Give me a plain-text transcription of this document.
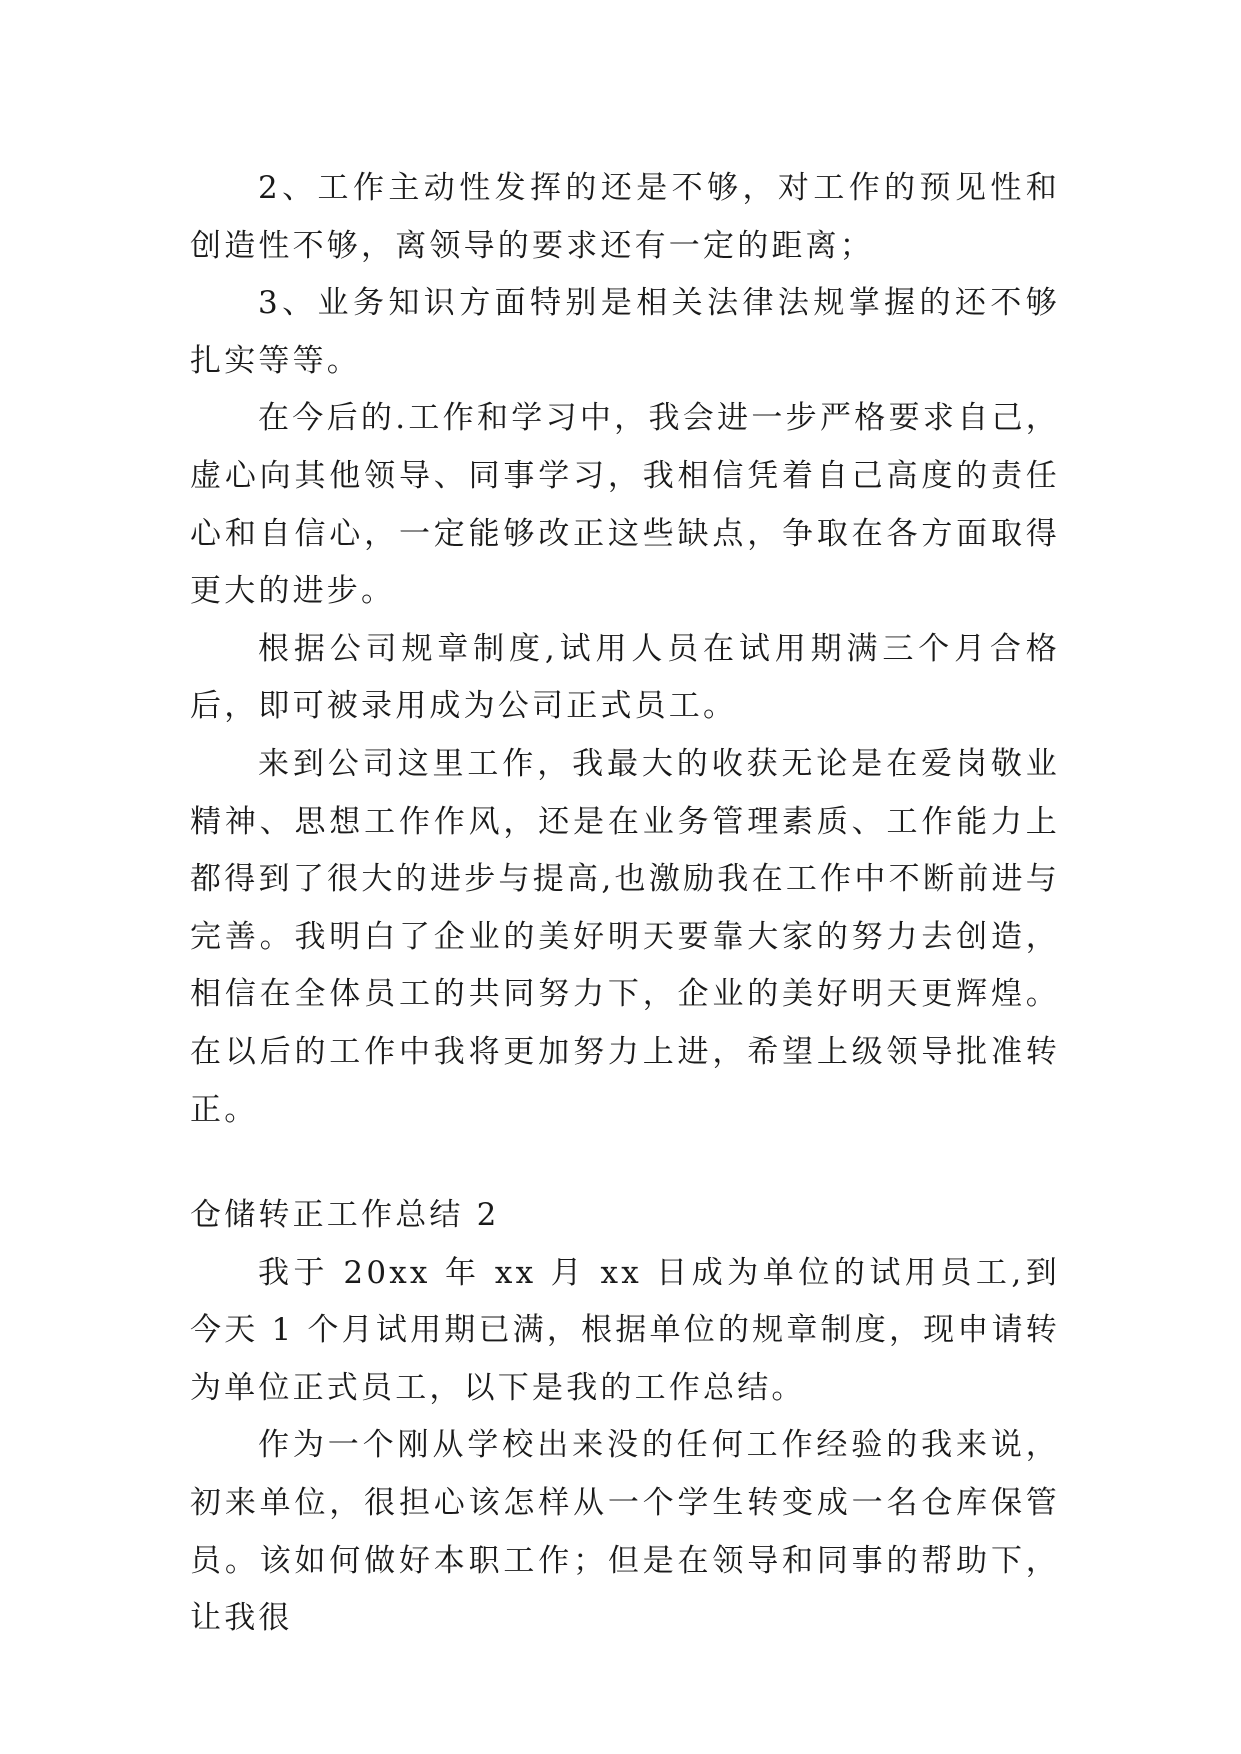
2、工作主动性发挥的还是不够，对工作的预见性和创造性不够，离领导的要求还有一定的距离；

3、业务知识方面特别是相关法律法规掌握的还不够扎实等等。

在今后的.工作和学习中，我会进一步严格要求自己，虚心向其他领导、同事学习，我相信凭着自己高度的责任心和自信心，一定能够改正这些缺点，争取在各方面取得更大的进步。

根据公司规章制度,试用人员在试用期满三个月合格后，即可被录用成为公司正式员工。

来到公司这里工作，我最大的收获无论是在爱岗敬业精神、思想工作作风，还是在业务管理素质、工作能力上都得到了很大的进步与提高,也激励我在工作中不断前进与完善。我明白了企业的美好明天要靠大家的努力去创造，相信在全体员工的共同努力下，企业的美好明天更辉煌。在以后的工作中我将更加努力上进，希望上级领导批准转正。

仓储转正工作总结 2

我于 20xx 年 xx 月 xx 日成为单位的试用员工,到今天 1 个月试用期已满，根据单位的规章制度，现申请转为单位正式员工，以下是我的工作总结。

作为一个刚从学校出来没的任何工作经验的我来说，初来单位，很担心该怎样从一个学生转变成一名仓库保管员。该如何做好本职工作；但是在领导和同事的帮助下，让我很
